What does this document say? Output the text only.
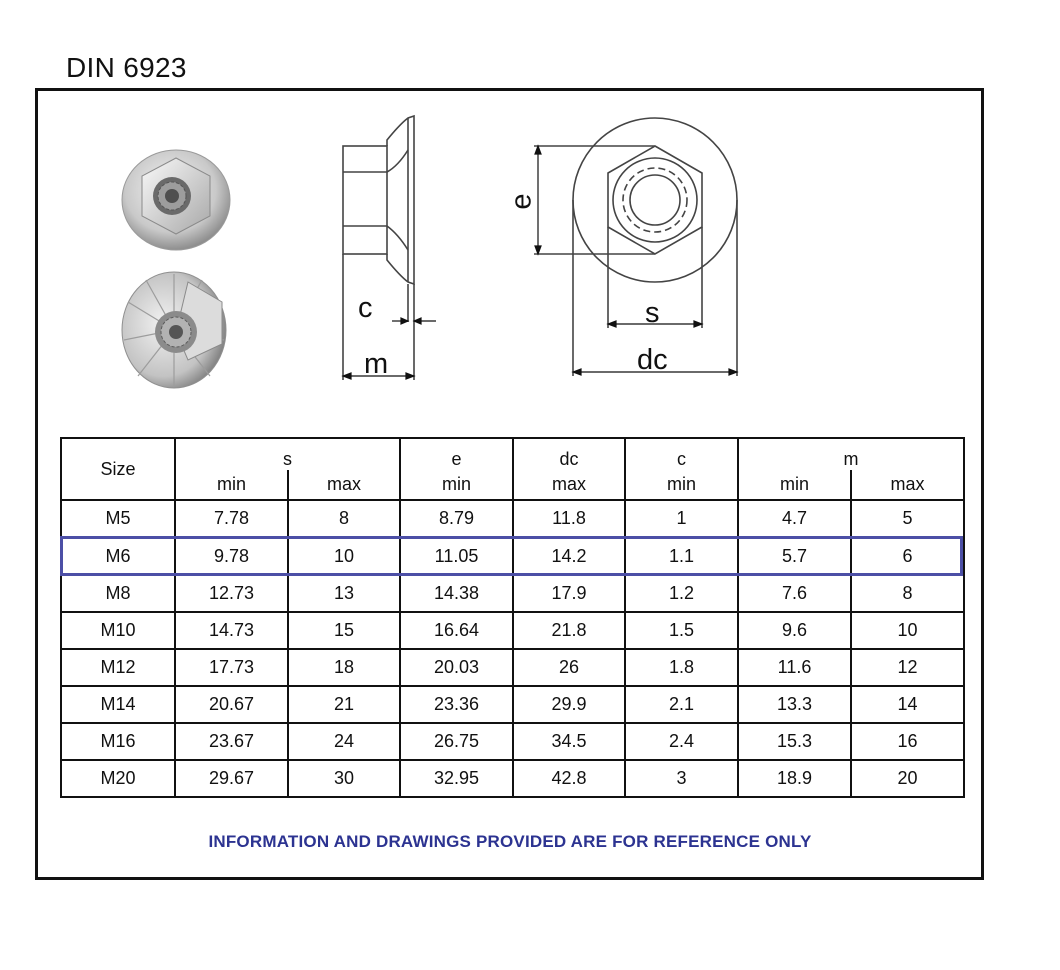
DIN 6923
c
m
e
s
dc
Size	s		e	dc	c	m	
	min	max	min	max	min	min	max
M5	7.78	8	8.79	11.8	1	4.7	5
M6	9.78	10	11.05	14.2	1.1	5.7	6
M8	12.73	13	14.38	17.9	1.2	7.6	8
M10	14.73	15	16.64	21.8	1.5	9.6	10
M12	17.73	18	20.03	26	1.8	11.6	12
M14	20.67	21	23.36	29.9	2.1	13.3	14
M16	23.67	24	26.75	34.5	2.4	15.3	16
M20	29.67	30	32.95	42.8	3	18.9	20
INFORMATION AND DRAWINGS PROVIDED ARE FOR REFERENCE ONLY
